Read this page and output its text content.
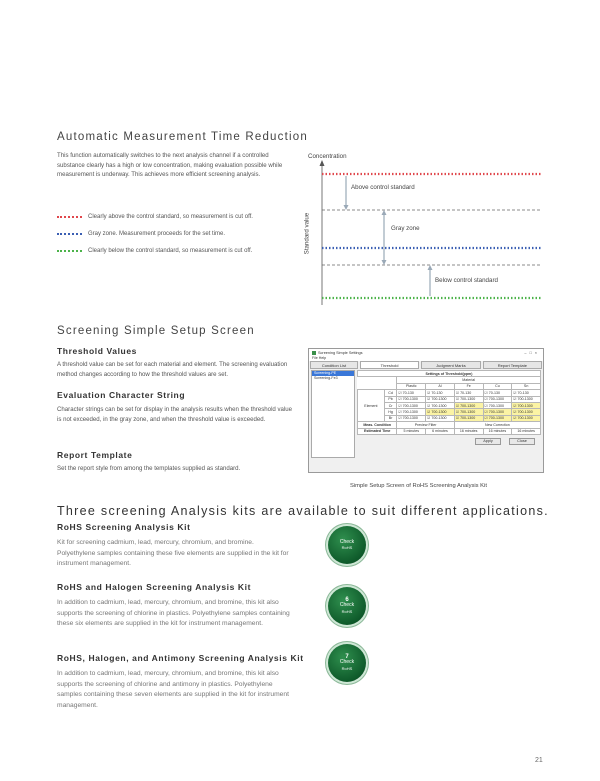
Automatic Measurement Time Reduction
This function automatically switches to the next analysis channel if a controlled substance clearly has a high or low concentration, making evaluation possible while measurement is underway. This achieves more efficient screening analysis.
Clearly above the control standard, so measurement is cut off.
Gray zone. Measurement proceeds for the set time.
Clearly below the control standard, so measurement is cut off.
Concentration
Above control standard
Gray zone
Below control standard
Standard value
Screening Simple Setup Screen
Threshold Values
A threshold value can be set for each material and element. The screening evaluation method changes according to how the threshold values are set.
Evaluation Character String
Character strings can be set for display in the analysis results when the threshold value is not exceeded, in the gray zone, and when the threshold value is exceeded.
Report Template
Set the report style from among the templates supplied as standard.
Screening Simple Settings	–□×
File Help
Condition List	Threshold	Judgment Marks	Report Template
Screening-PE
Screening-Fe3
Settings of Threshold(ppm)						
		Material				
		Plastic	Al	Fe	Cu	Sn
Element	Cd	☑ 70-130	☑ 70-130	☑ 70-130	☑ 70-130	☑ 70-130
	Pb	☑ 700-1300	☑ 700-1300	☑ 700-1300	☑ 700-1300	☑ 700-1300
	Cr	☑ 700-1300	☑ 700-1300	☑ 700-1300	☑ 700-1300	☑ 700-1300
	Hg	☑ 700-1300	☑ 700-1300	☑ 700-1300	☑ 700-1300	☑ 700-1300
	Br	☑ 700-1300	☑ 700-1300	☑ 700-1300	☑ 700-1300	☑ 700-1300
Meas. Condition		Preview Filter		New Correction		
Estimated Time		5 minutes	6 minutes	16 minutes	16 minutes	16 minutes
Apply	Close
Simple Setup Screen of RoHS Screening Analysis Kit
Three screening Analysis kits are available to suit different applications.
RoHS Screening Analysis Kit
Kit for screening cadmium, lead, mercury, chromium, and bromine. Polyethylene samples containing these five elements are supplied in the kit for instrument management.
RoHS and Halogen Screening Analysis Kit
In addition to cadmium, lead, mercury, chromium, and bromine, this kit also supports the screening of chlorine in plastics. Polyethylene samples containing these six elements are supplied in the kit for instrument management.
RoHS, Halogen, and Antimony Screening Analysis Kit
In addition to cadmium, lead, mercury, chromium, and bromine, this kit also supports the screening of chlorine and antimony in plastics. Polyethylene samples containing these seven elements are supplied in the kit for instrument management.
Check
RoHS
6
Check
RoHS
7
Check
RoHS
21
